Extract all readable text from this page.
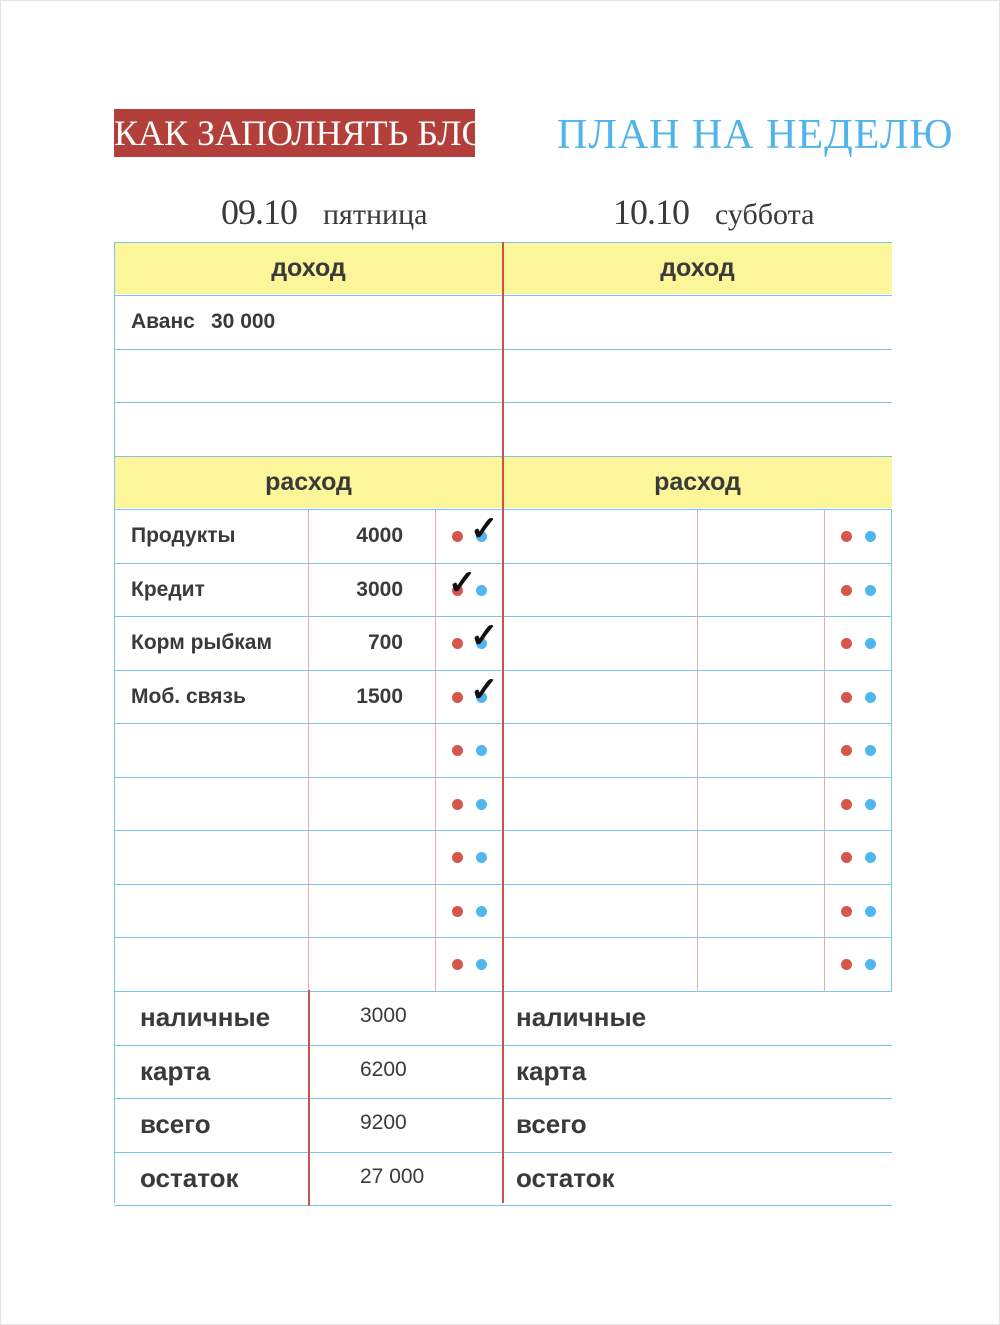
КАК ЗАПОЛНЯТЬ БЛОКНОТ
ПЛАН НА НЕДЕЛЮ
09.10 пятница	10.10 суббота
доход
Аванс 30 000
расход
Продукты	4000 ✓
Кредит	3000 ✓
Корм рыбкам	700 ✓
Моб. связь	1500 ✓
наличные	3000
карта	6200
всего	9200
остаток	27 000
доход
расход
наличные
карта
всего
остаток
